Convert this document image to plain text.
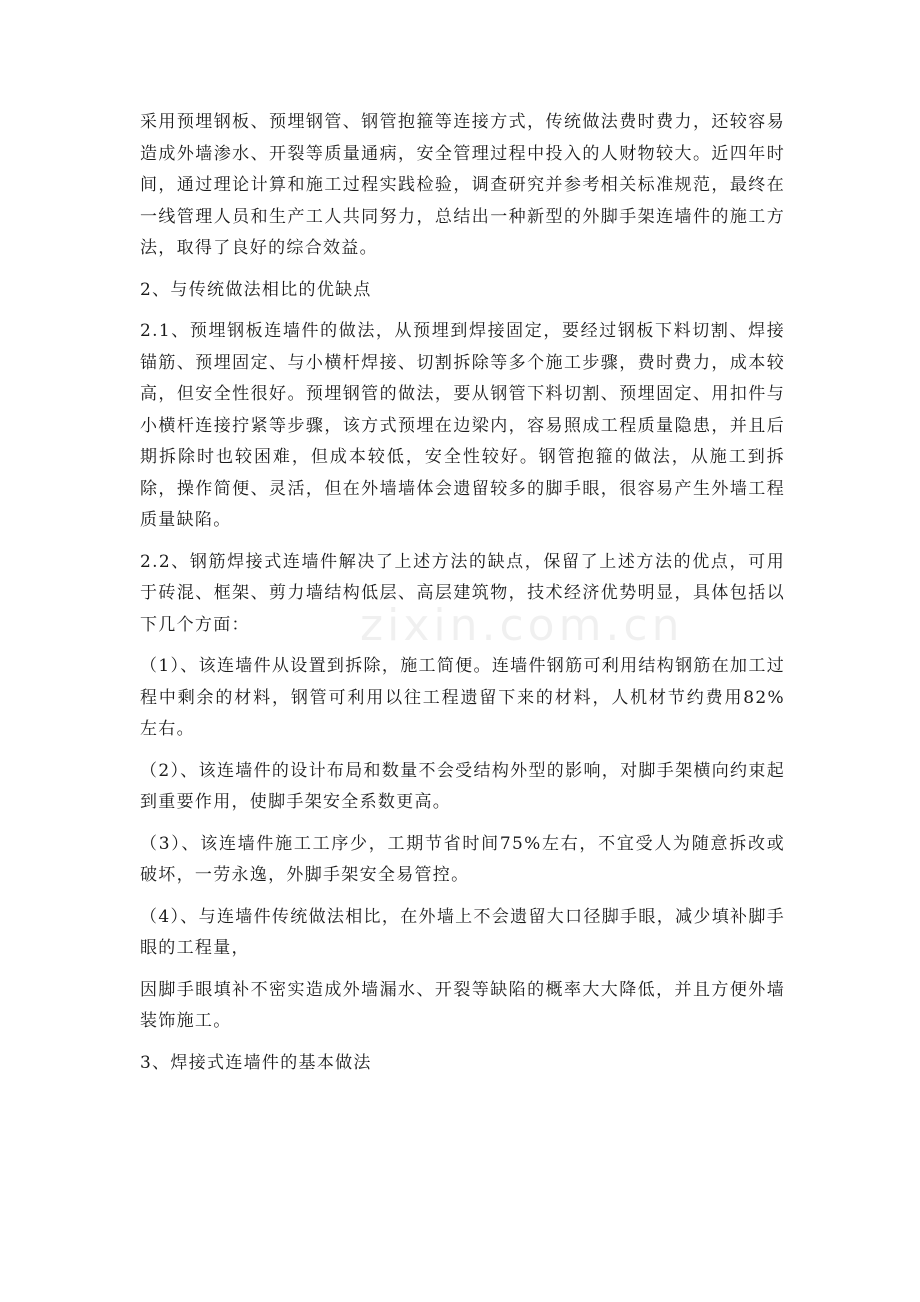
zixin.com.cn

采用预埋钢板、预埋钢管、钢管抱箍等连接方式，传统做法费时费力，还较容易造成外墙渗水、开裂等质量通病，安全管理过程中投入的人财物较大。近四年时间，通过理论计算和施工过程实践检验，调查研究并参考相关标准规范，最终在一线管理人员和生产工人共同努力，总结出一种新型的外脚手架连墙件的施工方法，取得了良好的综合效益。

2、与传统做法相比的优缺点

2.1、预埋钢板连墙件的做法，从预埋到焊接固定，要经过钢板下料切割、焊接锚筋、预埋固定、与小横杆焊接、切割拆除等多个施工步骤，费时费力，成本较高，但安全性很好。预埋钢管的做法，要从钢管下料切割、预埋固定、用扣件与小横杆连接拧紧等步骤，该方式预埋在边梁内，容易照成工程质量隐患，并且后期拆除时也较困难，但成本较低，安全性较好。钢管抱箍的做法，从施工到拆除，操作简便、灵活，但在外墙墙体会遗留较多的脚手眼，很容易产生外墙工程质量缺陷。

2.2、钢筋焊接式连墙件解决了上述方法的缺点，保留了上述方法的优点，可用于砖混、框架、剪力墙结构低层、高层建筑物，技术经济优势明显，具体包括以下几个方面：

（1）、该连墙件从设置到拆除，施工简便。连墙件钢筋可利用结构钢筋在加工过程中剩余的材料，钢管可利用以往工程遗留下来的材料，人机材节约费用82%左右。

（2）、该连墙件的设计布局和数量不会受结构外型的影响，对脚手架横向约束起到重要作用，使脚手架安全系数更高。

（3）、该连墙件施工工序少，工期节省时间75%左右，不宜受人为随意拆改或破坏，一劳永逸，外脚手架安全易管控。

（4）、与连墙件传统做法相比，在外墙上不会遗留大口径脚手眼，减少填补脚手眼的工程量，

因脚手眼填补不密实造成外墙漏水、开裂等缺陷的概率大大降低，并且方便外墙装饰施工。

3、焊接式连墙件的基本做法
